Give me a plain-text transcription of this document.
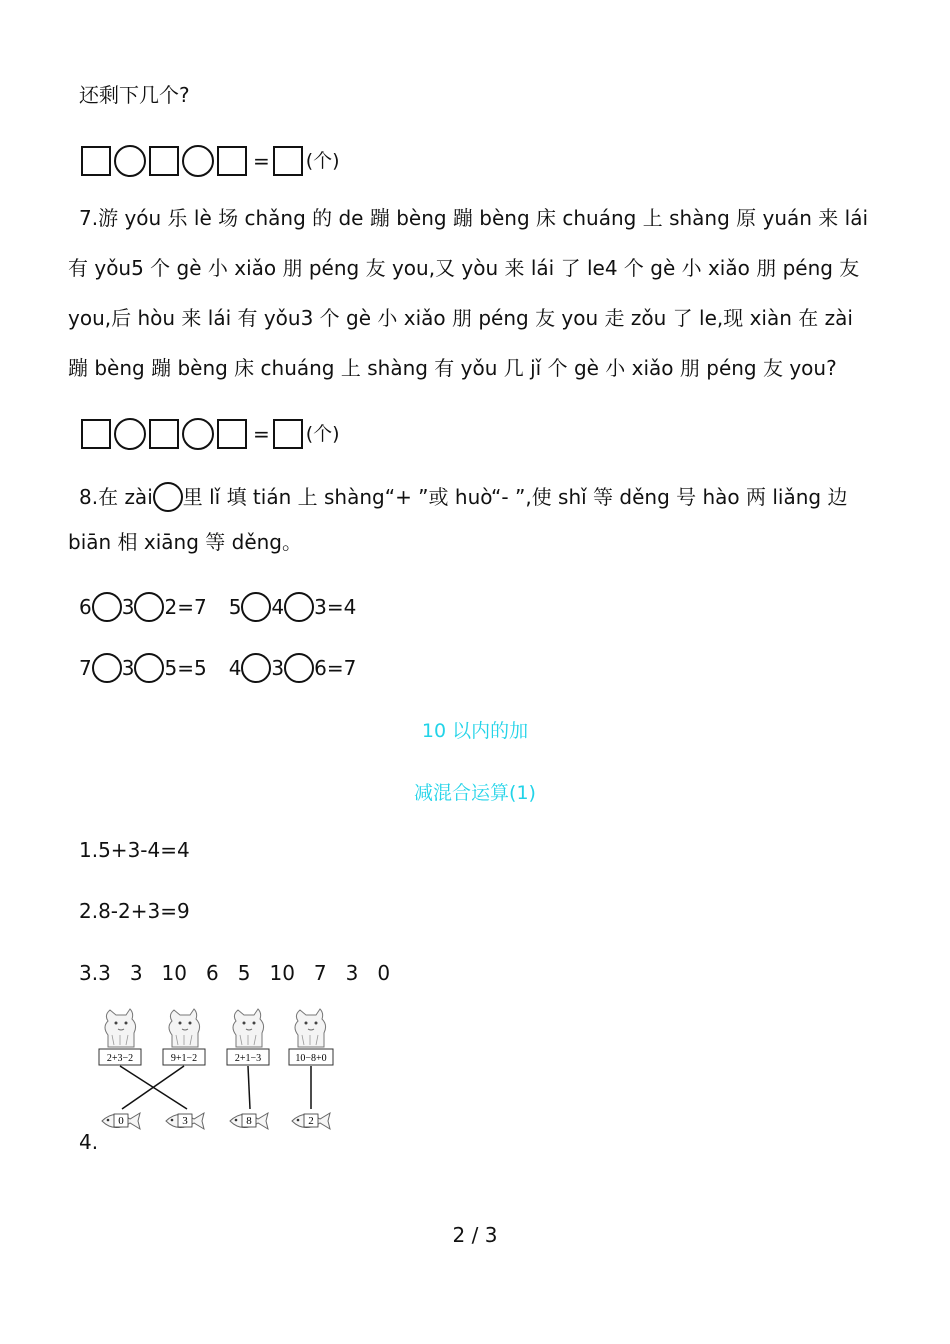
还剩下几个?
= (个)
7.游 yóu 乐 lè 场 chǎng 的 de 蹦 bèng 蹦 bèng 床 chuáng 上 shàng 原 yuán 来 lái
有 yǒu5 个 gè 小 xiǎo 朋 péng 友 you,又 yòu 来 lái 了 le4 个 gè 小 xiǎo 朋 péng 友
you,后 hòu 来 lái 有 yǒu3 个 gè 小 xiǎo 朋 péng 友 you 走 zǒu 了 le,现 xiàn 在 zài
蹦 bèng 蹦 bèng 床 chuáng 上 shàng 有 yǒu 几 jǐ 个 gè 小 xiǎo 朋 péng 友 you?
= (个)
8.在 zài 里 lǐ 填 tián 上 shàng“+ ”或 huò“- ”,使 shǐ 等 děng 号 hào 两 liǎng 边
biān 相 xiāng 等 děng。
6 3 2=7 5 4 3=4
7 3 5=5 4 3 6=7
10 以内的加
减混合运算(1)
1.5+3-4=4
2.8-2+3=9
3.3 3 10 6 5 10 7 3 0
2+3−2	9+1−2	2+1−3	10−8+0
0	3	8	2
4.
2 / 3
